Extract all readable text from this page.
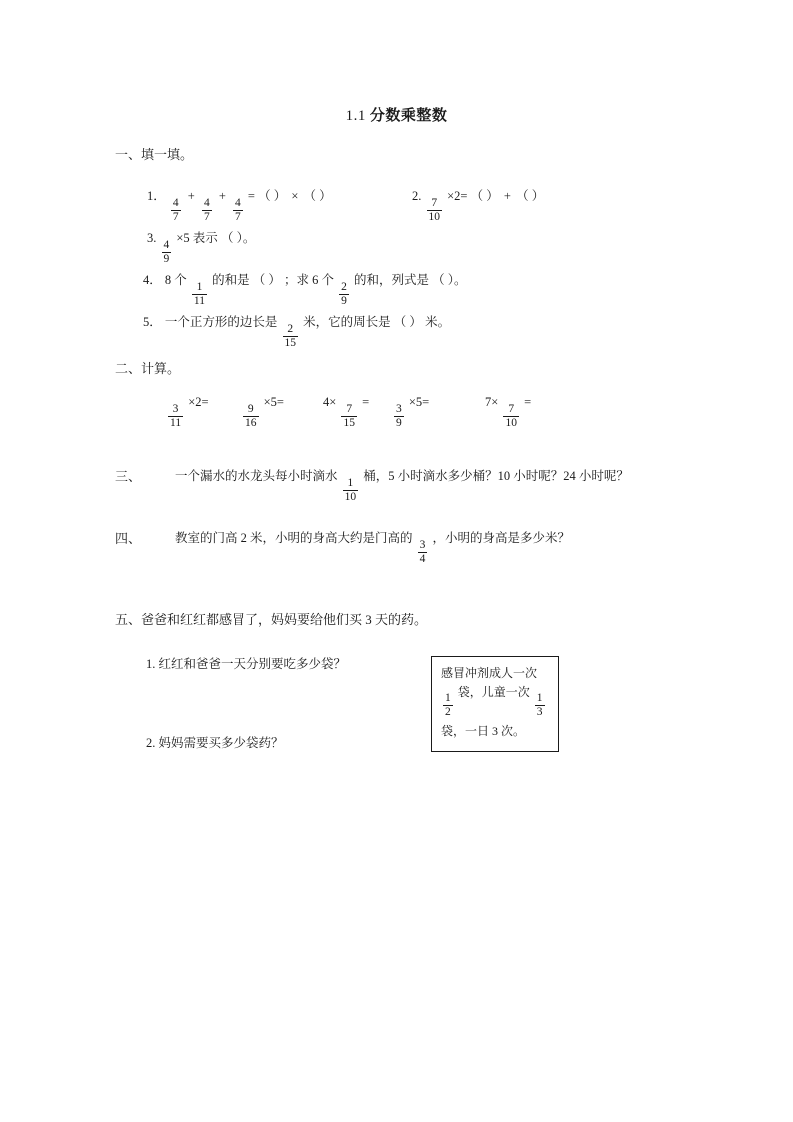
1.1 分数乘整数
一、填一填。
1．
$\frac{4}{7}$
+
$\frac{4}{7}$
+
$\frac{4}{7}$
= （ ） × （ ）	2.
$\frac{7}{10}$
×2= （ ） + （ ）
3.
$\frac{4}{9}$
×5 表示 （ ）。
4． 8 个
$\frac{1}{11}$
的和是 （ ） ；求 6 个
$\frac{2}{9}$
的和，列式是 （ ）。
5． 一个正方形的边长是
$\frac{2}{15}$
米，它的周长是 （ ） 米。
二、计算。
$\frac{3}{11}$
×2=
$\frac{9}{16}$
×5=	4×
$\frac{7}{15}$
=
$\frac{3}{9}$
×5=	7×
$\frac{7}{10}$
=
三、	一个漏水的水龙头每小时滴水
$\frac{1}{10}$
桶，5 小时滴水多少桶？10 小时呢？24 小时呢？
四、	教室的门高 2 米，小明的身高大约是门高的
$\frac{3}{4}$
，小明的身高是多少米？
五、爸爸和红红都感冒了，妈妈要给他们买 3 天的药。
1. 红红和爸爸一天分别要吃多少袋？
2. 妈妈需要买多少袋药？
感冒冲剂成人一次
$\frac{1}{2}$
袋，儿童一次
$\frac{1}{3}$
袋，一日 3 次。
